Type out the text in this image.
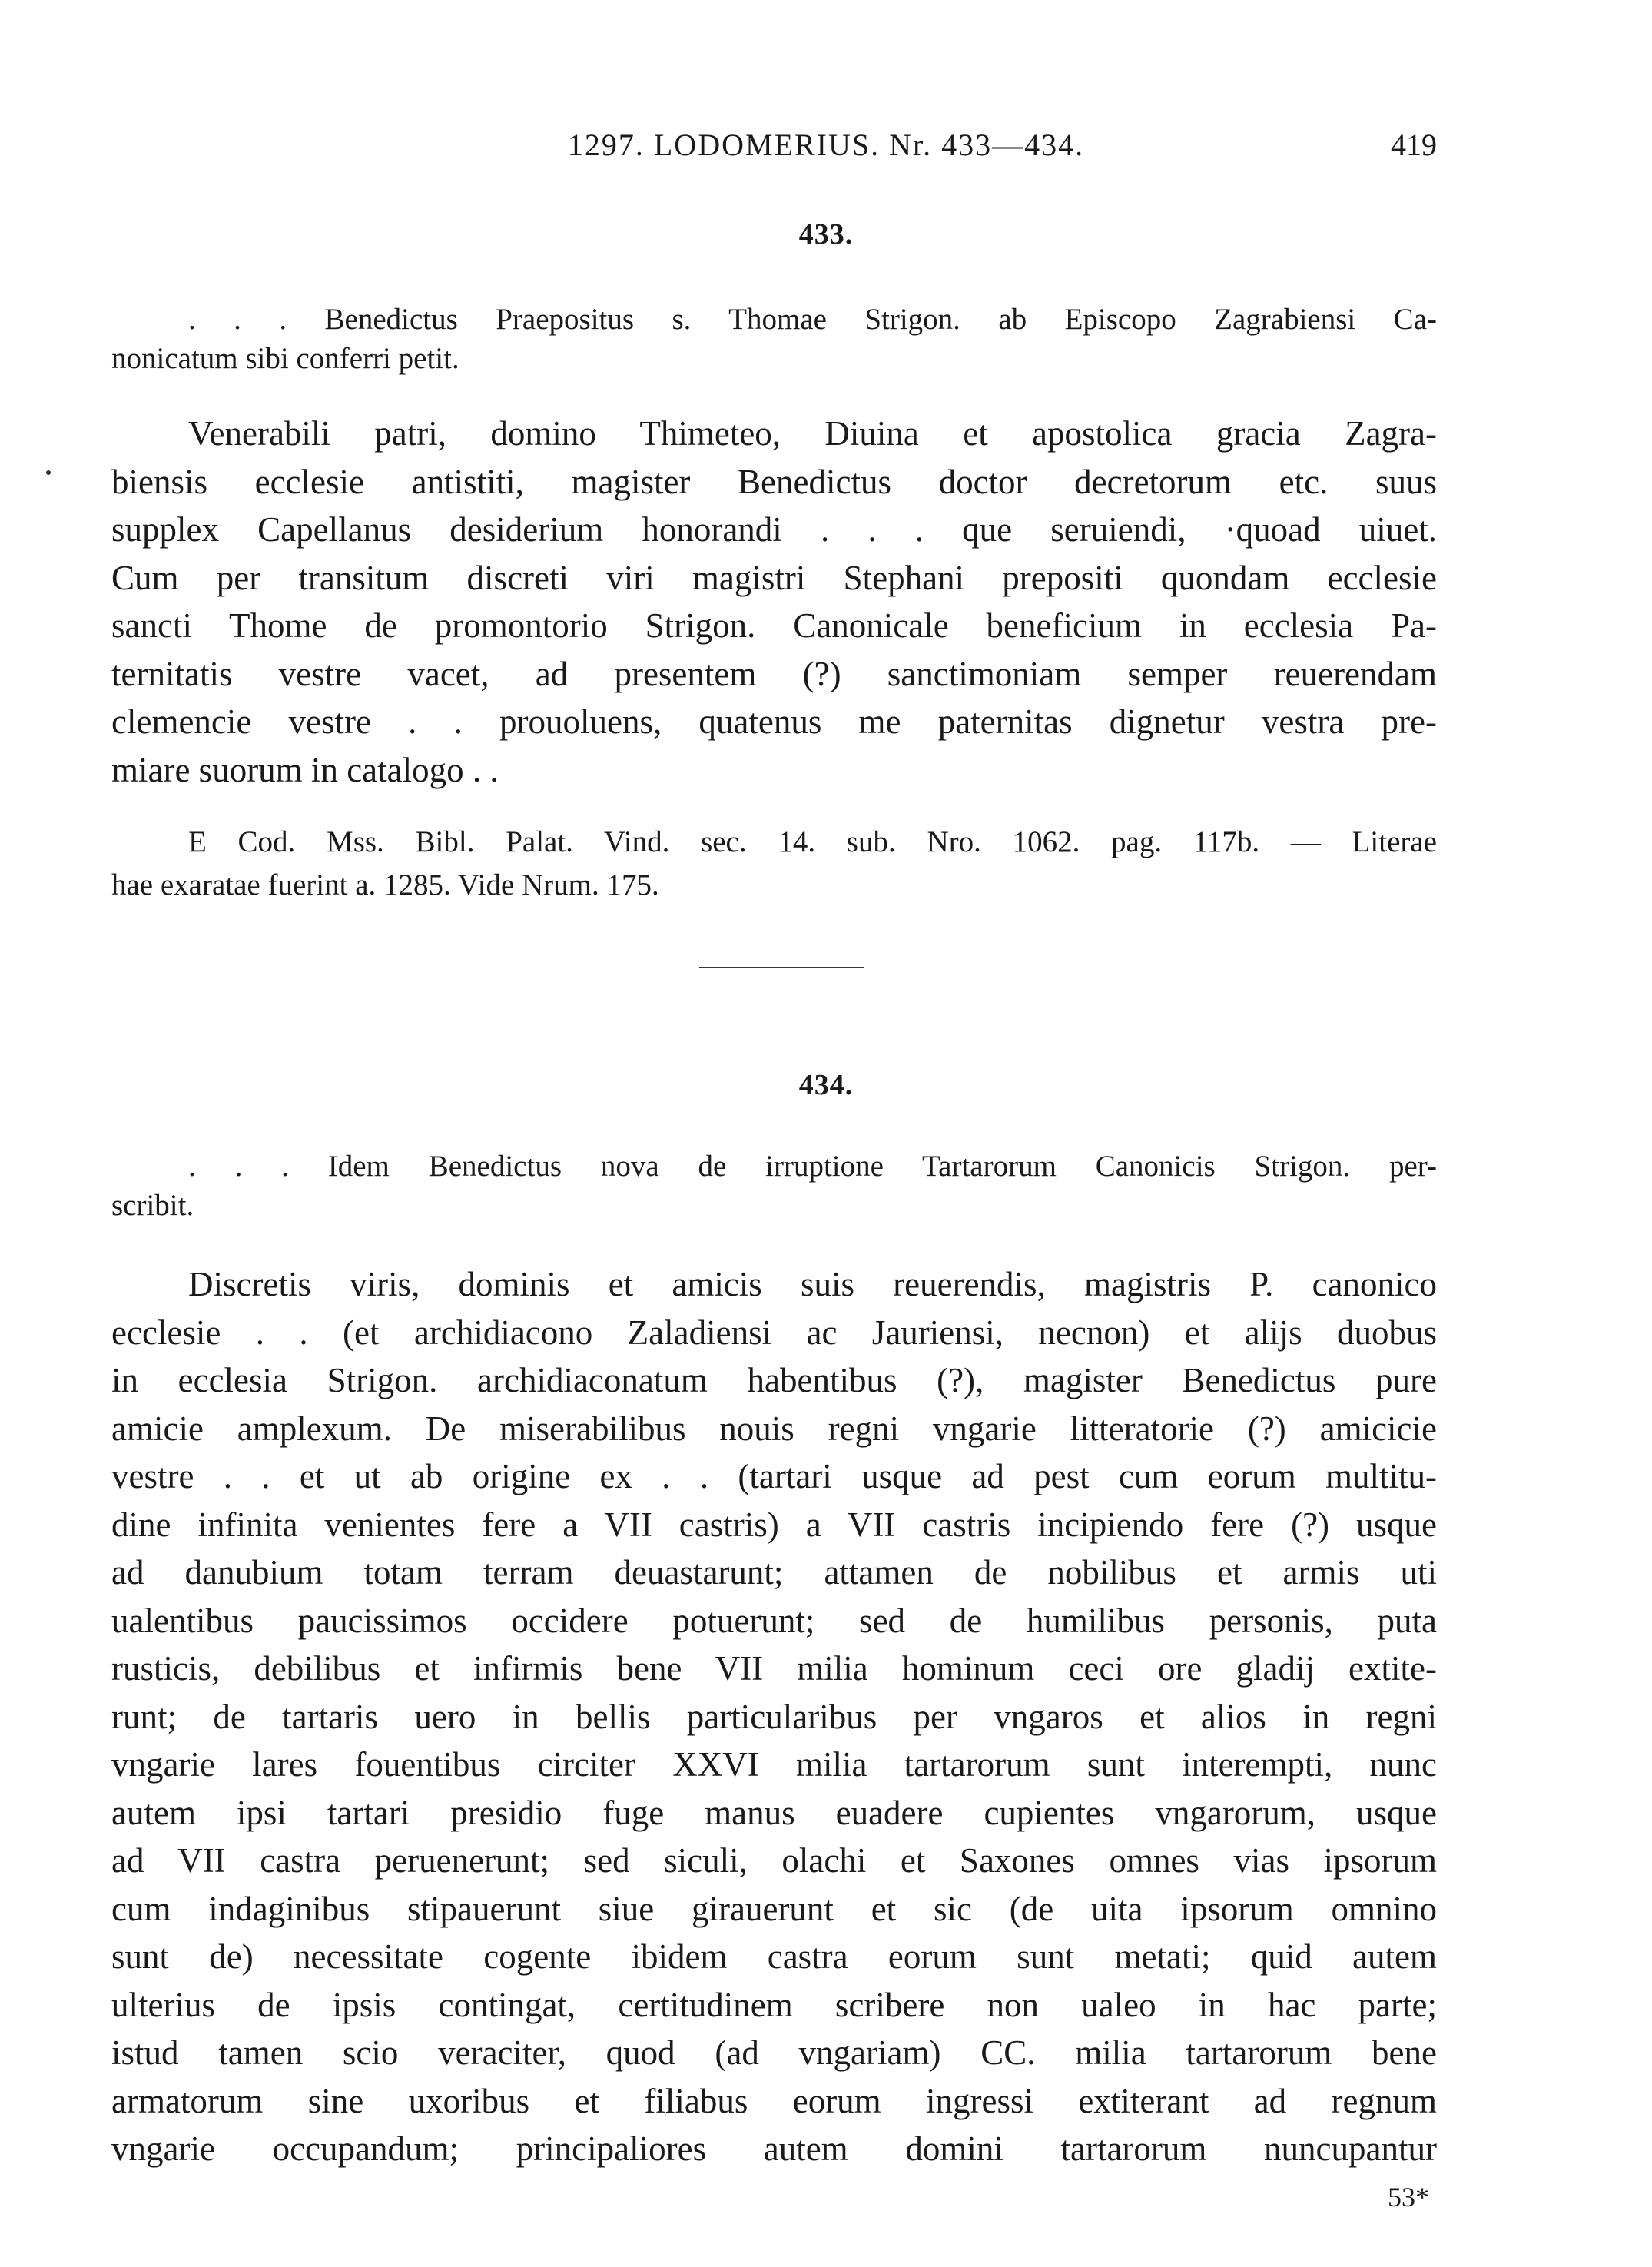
1297. LODOMERIUS. Nr. 433—434.	419
433.
. . . Benedictus Praepositus s. Thomae Strigon. ab Episcopo Zagrabiensi Ca-
nonicatum sibi conferri petit.
Venerabili patri, domino Thimeteo, Diuina et apostolica gracia Zagra-
biensis ecclesie antistiti, magister Benedictus doctor decretorum etc. suus
supplex Capellanus desiderium honorandi . . . que seruiendi, ·quoad uiuet.
Cum per transitum discreti viri magistri Stephani prepositi quondam ecclesie
sancti Thome de promontorio Strigon. Canonicale beneficium in ecclesia Pa-
ternitatis vestre vacet, ad presentem (?) sanctimoniam semper reuerendam
clemencie vestre . . prouoluens, quatenus me paternitas dignetur vestra pre-
miare suorum in catalogo . .
E Cod. Mss. Bibl. Palat. Vind. sec. 14. sub. Nro. 1062. pag. 117b. — Literae
hae exaratae fuerint a. 1285. Vide Nrum. 175.
434.
. . . Idem Benedictus nova de irruptione Tartarorum Canonicis Strigon. per-
scribit.
Discretis viris, dominis et amicis suis reuerendis, magistris P. canonico
ecclesie . . (et archidiacono Zaladiensi ac Jauriensi, necnon) et alijs duobus
in ecclesia Strigon. archidiaconatum habentibus (?), magister Benedictus pure
amicie amplexum. De miserabilibus nouis regni vngarie litteratorie (?) amicicie
vestre . . et ut ab origine ex . . (tartari usque ad pest cum eorum multitu-
dine infinita venientes fere a VII castris) a VII castris incipiendo fere (?) usque
ad danubium totam terram deuastarunt; attamen de nobilibus et armis uti
ualentibus paucissimos occidere potuerunt; sed de humilibus personis, puta
rusticis, debilibus et infirmis bene VII milia hominum ceci ore gladij extite-
runt; de tartaris uero in bellis particularibus per vngaros et alios in regni
vngarie lares fouentibus circiter XXVI milia tartarorum sunt interempti, nunc
autem ipsi tartari presidio fuge manus euadere cupientes vngarorum, usque
ad VII castra peruenerunt; sed siculi, olachi et Saxones omnes vias ipsorum
cum indaginibus stipauerunt siue girauerunt et sic (de uita ipsorum omnino
sunt de) necessitate cogente ibidem castra eorum sunt metati; quid autem
ulterius de ipsis contingat, certitudinem scribere non ualeo in hac parte;
istud tamen scio veraciter, quod (ad vngariam) CC. milia tartarorum bene
armatorum sine uxoribus et filiabus eorum ingressi extiterant ad regnum
vngarie occupandum; principaliores autem domini tartarorum nuncupantur
53*
